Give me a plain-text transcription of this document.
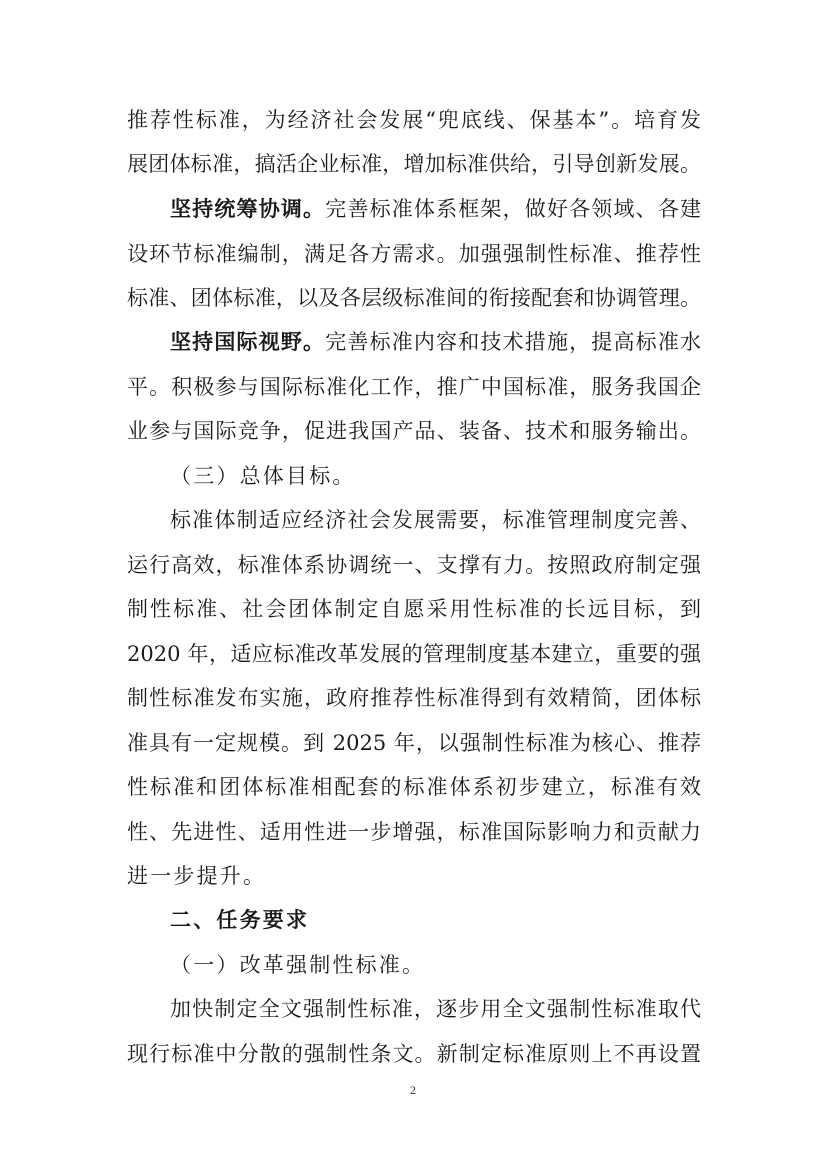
推荐性标准，为经济社会发展“兜底线、保基本”。培育发
展团体标准，搞活企业标准，增加标准供给，引导创新发展。
坚持统筹协调。完善标准体系框架，做好各领域、各建
设环节标准编制，满足各方需求。加强强制性标准、推荐性
标准、团体标准，以及各层级标准间的衔接配套和协调管理。
坚持国际视野。完善标准内容和技术措施，提高标准水
平。积极参与国际标准化工作，推广中国标准，服务我国企
业参与国际竞争，促进我国产品、装备、技术和服务输出。
（三）总体目标。
标准体制适应经济社会发展需要，标准管理制度完善、
运行高效，标准体系协调统一、支撑有力。按照政府制定强
制性标准、社会团体制定自愿采用性标准的长远目标，到
2020 年，适应标准改革发展的管理制度基本建立，重要的强
制性标准发布实施，政府推荐性标准得到有效精简，团体标
准具有一定规模。到 2025 年，以强制性标准为核心、推荐
性标准和团体标准相配套的标准体系初步建立，标准有效
性、先进性、适用性进一步增强，标准国际影响力和贡献力
进一步提升。
二、任务要求
（一）改革强制性标准。
加快制定全文强制性标准，逐步用全文强制性标准取代
现行标准中分散的强制性条文。新制定标准原则上不再设置
2
